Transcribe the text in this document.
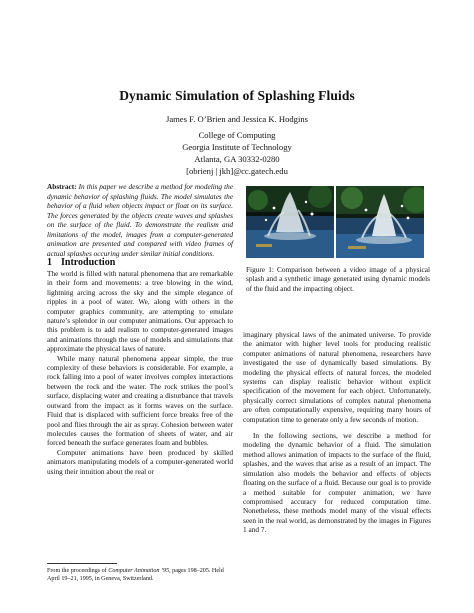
Dynamic Simulation of Splashing Fluids
James F. O’Brien and Jessica K. Hodgins
College of Computing
Georgia Institute of Technology
Atlanta, GA 30332-0280
[obrienj | jkh]@cc.gatech.edu
Abstract: In this paper we describe a method for modeling the dynamic behavior of splashing fluids. The model simulates the behavior of a fluid when objects impact or float on its surface. The forces generated by the objects create waves and splashes on the surface of the fluid. To demonstrate the realism and limitations of the model, images from a computer-generated animation are presented and compared with video frames of actual splashes occuring under similar initial conditions.
1 Introduction

The world is filled with natural phenomena that are remarkable in their form and movements: a tree blowing in the wind, lightning arcing across the sky and the simple elegance of ripples in a pool of water. We, along with others in the computer graphics community, are attempting to emulate nature’s splendor in our computer animations. Our approach to this problem is to add realism to computer-generated images and animations through the use of models and simulations that approximate the physical laws of nature.

While many natural phenomena appear simple, the true complexity of these behaviors is considerable. For example, a rock falling into a pool of water involves complex interactions between the rock and the water. The rock strikes the pool’s surface, displacing water and creating a disturbance that travels outward from the impact as it forms waves on the surface. Fluid that is displaced with sufficient force breaks free of the pool and flies through the air as spray. Cohesion between water molecules causes the formation of sheets of water, and air forced beneath the surface generates foam and bubbles.

Computer animations have been produced by skilled animators manipulating models of a computer-generated world using their intuition about the real or

Figure 1: Comparison between a video image of a physical splash and a synthetic image generated using dynamic models of the fluid and the impacting object.

imaginary physical laws of the animated universe. To provide the animator with higher level tools for producing realistic computer animations of natural phenomena, researchers have investigated the use of dynamically based simulations. By modeling the physical effects of natural forces, the modeled systems can display realistic behavior without explicit specification of the movement for each object. Unfortunately, physically correct simulations of complex natural phenomena are often computationally expensive, requiring many hours of computation time to generate only a few seconds of motion.

In the following sections, we describe a method for modeling the dynamic behavior of a fluid. The simulation method allows animation of impacts to the surface of the fluid, splashes, and the waves that arise as a result of an impact. The simulation also models the behavior and effects of objects floating on the surface of a fluid. Because our goal is to provide a method suitable for computer animation, we have compromised accuracy for reduced computation time. Nonetheless, these methods model many of the visual effects seen in the real world, as demonstrated by the images in Figures 1 and 7.

From the proceedings of Computer Animation ’95, pages 198–205. Held April 19–21, 1995, in Geneva, Switzerland.
